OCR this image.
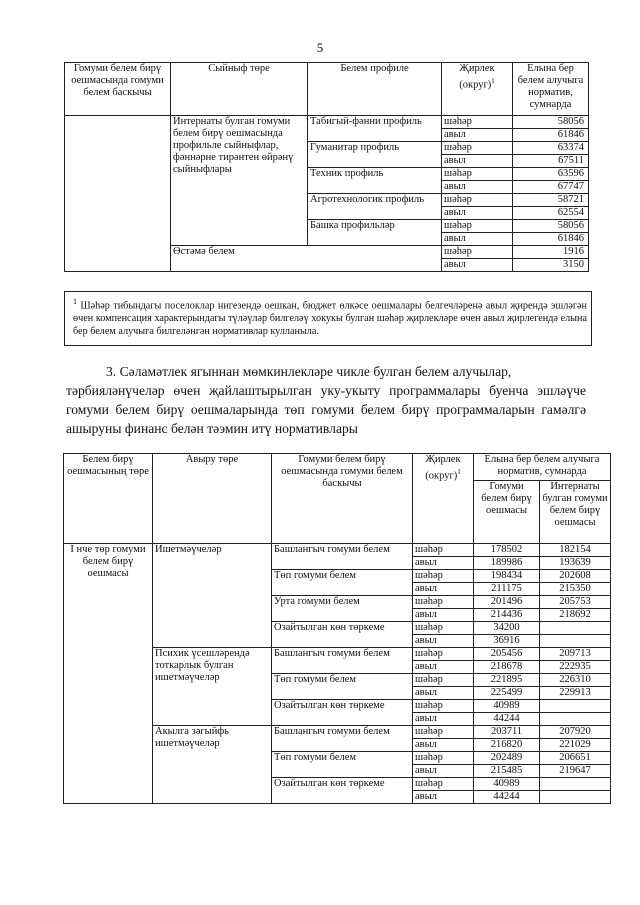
5
Гомуми белем бирү оешмасында гомуми белем баскычы	Сыйныф төре	Белем профиле	Җирлек (округ)$^1$	Елына бер белем алучыга норматив, сумнарда
	Интернаты булган гомуми белем бирү оешмасында профильле сыйныфлар, фәннәрне тирәнтен өйрәнү сыйныфлары	Табигый-фәнни профиль	шәһәр	58056
			авыл	61846
		Гуманитар профиль	шәһәр	63374
			авыл	67511
		Техник профиль	шәһәр	63596
			авыл	67747
		Агротехнологик профиль	шәһәр	58721
			авыл	62554
		Башка профильләр	шәһәр	58056
			авыл	61846
	Өстәмә белем		шәһәр	1916
			авыл	3150
$^1$ Шәһәр тибындагы поселоклар нигезендә оешкан, бюджет өлкәсе оешмалары белгечләренә авыл җирендә эшләгән өчен компенсация характерындагы түләүләр билгеләү хокукы булган шәһәр җирлекләре өчен авыл җирлегендә елына бер белем алучыга билгеләнгән нормативлар кулланыла.
3. Сәламәтлек ягыннан мөмкинлекләре чикле булган белем алучылар,
тәрбияләнүчеләр өчен җайлаштырылган уку-укыту программалары буенча эшләүче гомуми белем бирү оешмаларында төп гомуми белем бирү программаларын гамәлгә ашыруны финанс белән тәэмин итү нормативлары
Белем бирү оешмасының төре	Авыру төре	Гомуми белем бирү оешмасында гомуми белем баскычы	Җирлек (округ)$^1$	Елына бер белем алучыга норматив, сумнарда	
				Гомуми белем бирү оешмасы	Интернаты булган гомуми белем бирү оешмасы
I нче төр гомуми белем бирү оешмасы	Ишетмәүчеләр	Башлангыч гомуми белем	шәһәр	178502	182154
			авыл	189986	193639
		Төп гомуми белем	шәһәр	198434	202608
			авыл	211175	215350
		Урта гомуми белем	шәһәр	201496	205753
			авыл	214436	218692
		Озайтылган көн төркеме	шәһәр	34200	
			авыл	36916	
	Психик үсешләрендә тоткарлык булган ишетмәүчеләр	Башлангыч гомуми белем	шәһәр	205456	209713
			авыл	218678	222935
		Төп гомуми белем	шәһәр	221895	226310
			авыл	225499	229913
		Озайтылган көн төркеме	шәһәр	40989	
			авыл	44244	
	Акылга зәгыйфь ишетмәүчеләр	Башлангыч гомуми белем	шәһәр	203711	207920
			авыл	216820	221029
		Төп гомуми белем	шәһәр	202489	206651
			авыл	215485	219647
		Озайтылган көн төркеме	шәһәр	40989	
			авыл	44244	
